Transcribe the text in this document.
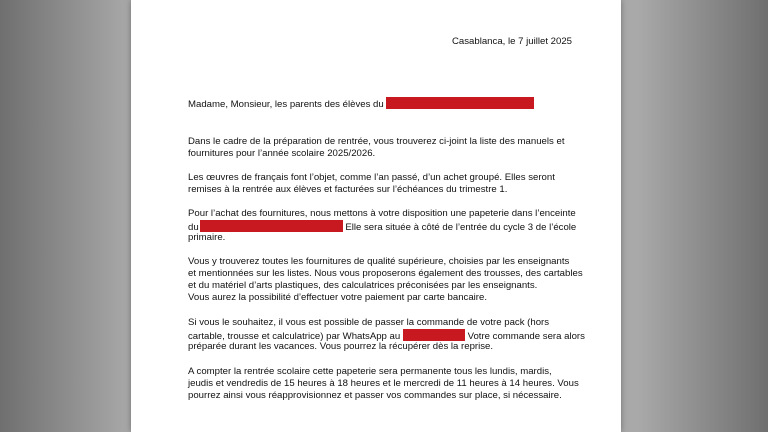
Casablanca, le 7 juillet 2025
Madame, Monsieur, les parents des élèves du
Dans le cadre de la préparation de rentrée, vous trouverez ci-joint la liste des manuels et
fournitures pour l’année scolaire 2025/2026.
Les œuvres de français font l’objet, comme l’an passé, d’un achet groupé. Elles seront
remises à la rentrée aux élèves et facturées sur l’échéances du trimestre 1.
Pour l’achat des fournitures, nous mettons à votre disposition une papeterie dans l’enceinte
du	Elle sera située à côté de l’entrée du cycle 3 de l’école
primaire.
Vous y trouverez toutes les fournitures de qualité supérieure, choisies par les enseignants
et mentionnées sur les listes. Nous vous proposerons également des trousses, des cartables
et du matériel d’arts plastiques, des calculatrices préconisées par les enseignants.
Vous aurez la possibilité d’effectuer votre paiement par carte bancaire.
Si vous le souhaitez, il vous est possible de passer la commande de votre pack (hors
cartable, trousse et calculatrice) par WhatsApp au	Votre commande sera alors
préparée durant les vacances. Vous pourrez la récupérer dès la reprise.
A compter la rentrée scolaire cette papeterie sera permanente tous les lundis, mardis,
jeudis et vendredis de 15 heures à 18 heures et le mercredi de 11 heures à 14 heures. Vous
pourrez ainsi vous réapprovisionnez et passer vos commandes sur place, si nécessaire.
